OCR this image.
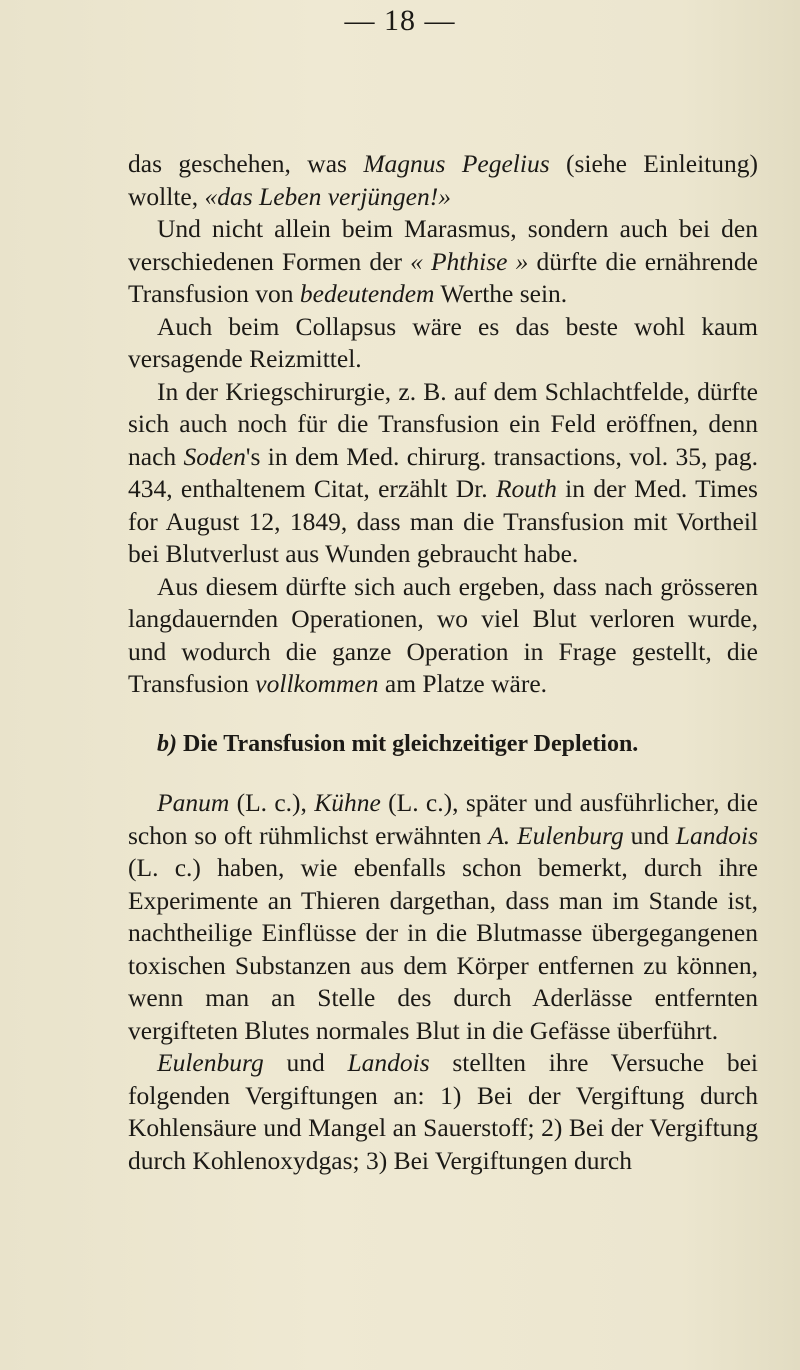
— 18 —

das geschehen, was Magnus Pegelius (siehe Einleitung) wollte, «das Leben verjüngen!»

Und nicht allein beim Marasmus, sondern auch bei den verschiedenen Formen der « Phthise » dürfte die ernährende Transfusion von bedeutendem Werthe sein.

Auch beim Collapsus wäre es das beste wohl kaum versagende Reizmittel.

In der Kriegschirurgie, z. B. auf dem Schlachtfelde, dürfte sich auch noch für die Transfusion ein Feld eröffnen, denn nach Soden's in dem Med. chirurg. transactions, vol. 35, pag. 434, enthaltenem Citat, erzählt Dr. Routh in der Med. Times for August 12, 1849, dass man die Transfusion mit Vortheil bei Blutverlust aus Wunden gebraucht habe.

Aus diesem dürfte sich auch ergeben, dass nach grösseren langdauernden Operationen, wo viel Blut verloren wurde, und wodurch die ganze Operation in Frage gestellt, die Transfusion vollkommen am Platze wäre.

b) Die Transfusion mit gleichzeitiger Depletion.

Panum (L. c.), Kühne (L. c.), später und ausführlicher, die schon so oft rühmlichst erwähnten A. Eulenburg und Landois (L. c.) haben, wie ebenfalls schon bemerkt, durch ihre Experimente an Thieren dargethan, dass man im Stande ist, nachtheilige Einflüsse der in die Blutmasse übergegangenen toxischen Substanzen aus dem Körper entfernen zu können, wenn man an Stelle des durch Aderlässe entfernten vergifteten Blutes normales Blut in die Gefässe überführt.

Eulenburg und Landois stellten ihre Versuche bei folgenden Vergiftungen an: 1) Bei der Vergiftung durch Kohlensäure und Mangel an Sauerstoff; 2) Bei der Vergiftung durch Kohlenoxydgas; 3) Bei Vergiftungen durch
